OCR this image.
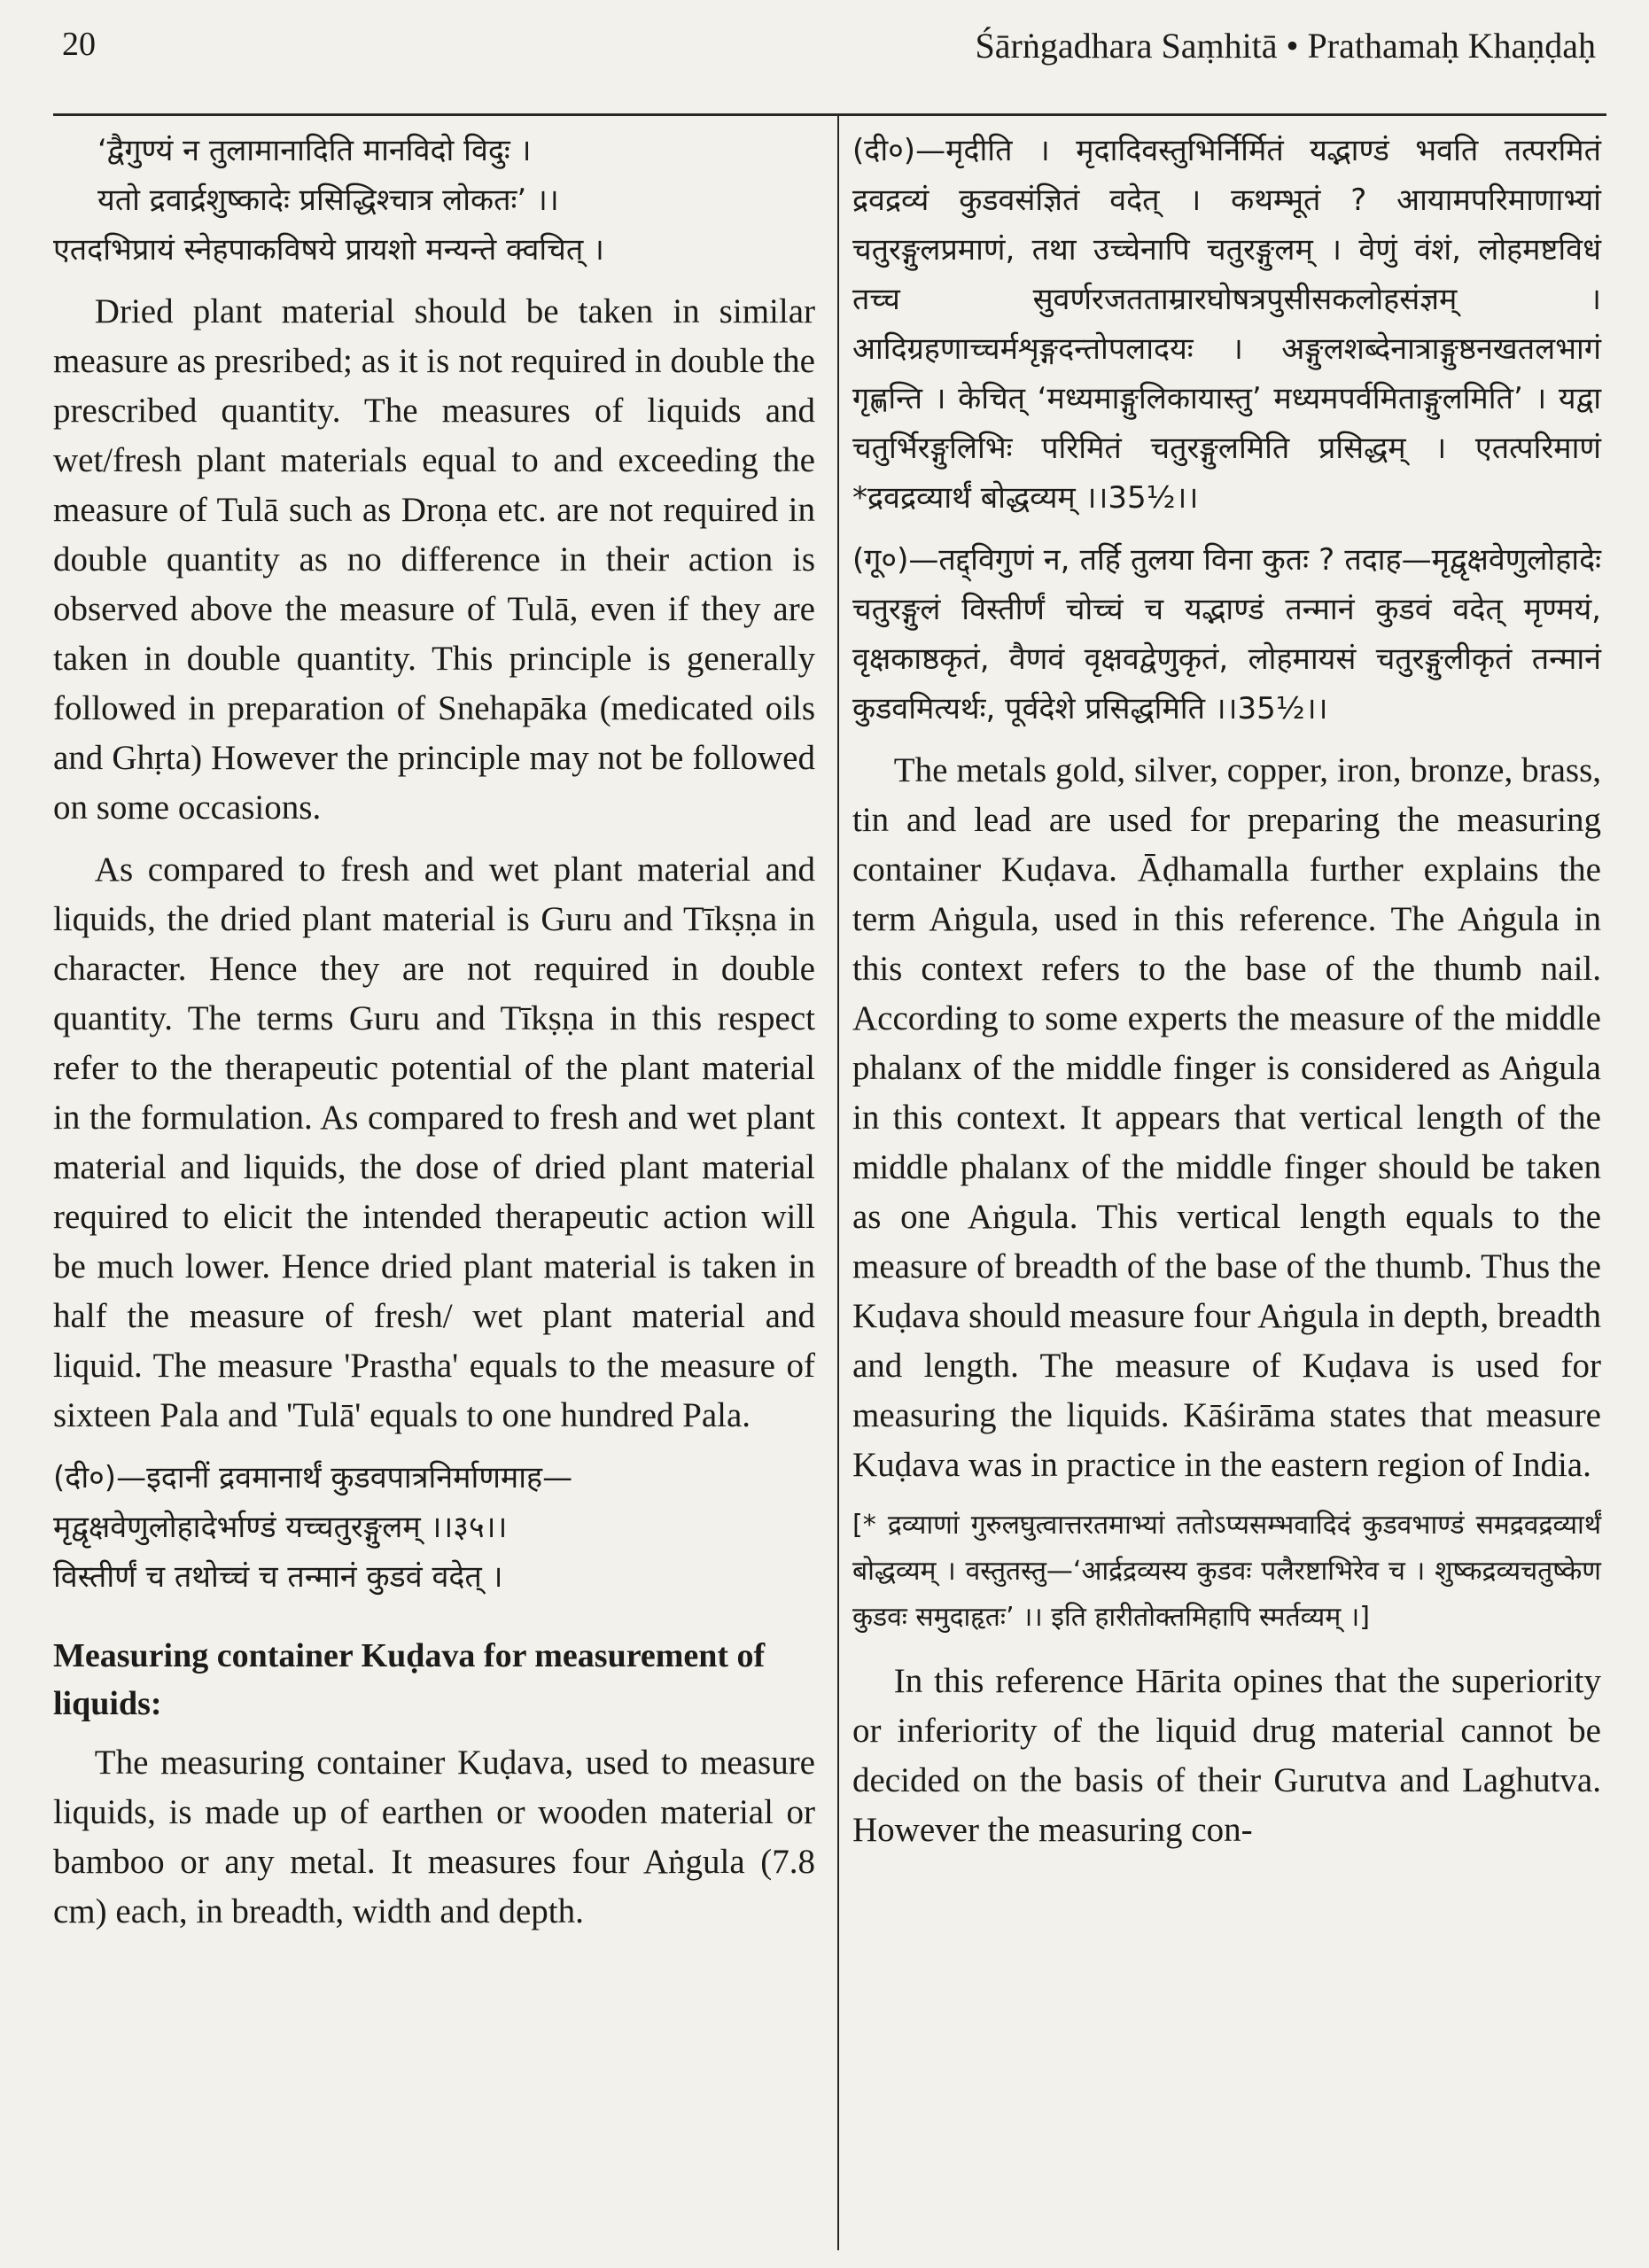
20	Śārṅgadhara Saṃhitā • Prathamaḥ Khaṇḍaḥ

‘द्वैगुण्यं न तुलामानादिति मानविदो विदुः ।

यतो द्रवार्द्रशुष्कादेः प्रसिद्धिश्चात्र लोकतः’ ।।

एतदभिप्रायं स्नेहपाकविषये प्रायशो मन्यन्ते क्वचित् ।

Dried plant material should be taken in similar measure as presribed; as it is not required in double the prescribed quantity. The measures of liquids and wet/fresh plant materials equal to and exceeding the measure of Tulā such as Droṇa etc. are not required in double quantity as no difference in their action is observed above the measure of Tulā, even if they are taken in double quantity. This principle is generally followed in preparation of Snehapāka (medicated oils and Ghṛta) However the principle may not be followed on some occasions.

As compared to fresh and wet plant material and liquids, the dried plant material is Guru and Tīkṣṇa in character. Hence they are not required in double quantity. The terms Guru and Tīkṣṇa in this respect refer to the therapeutic potential of the plant material in the formulation. As compared to fresh and wet plant material and liquids, the dose of dried plant material required to elicit the intended therapeutic action will be much lower. Hence dried plant material is taken in half the measure of fresh/ wet plant material and liquid. The measure 'Prastha' equals to the measure of sixteen Pala and 'Tulā' equals to one hundred Pala.

(दी०)—इदानीं द्रवमानार्थं कुडवपात्रनिर्माणमाह—

मृद्वृक्षवेणुलोहादेर्भाण्डं यच्चतुरङ्गुलम् ।।३५।।

विस्तीर्णं च तथोच्चं च तन्मानं कुडवं वदेत् ।

Measuring container Kuḍava for measurement of liquids:

The measuring container Kuḍava, used to measure liquids, is made up of earthen or wooden material or bamboo or any metal. It measures four Aṅgula (7.8 cm) each, in breadth, width and depth.

(दी०)—मृदीति । मृदादिवस्तुभिर्निर्मितं यद्भाण्डं भवति तत्परमितं द्रवद्रव्यं कुडवसंज्ञितं वदेत् । कथम्भूतं ? आयामपरिमाणाभ्यां चतुरङ्गुलप्रमाणं, तथा उच्चेनापि चतुरङ्गुलम् । वेणुं वंशं, लोहमष्टविधं तच्च सुवर्णरजतताम्रारघोषत्रपुसीसकलोहसंज्ञम् । आदिग्रहणाच्चर्मशृङ्गदन्तोपलादयः । अङ्गुलशब्देनात्राङ्गुष्ठनखतलभागं गृह्णन्ति । केचित् ‘मध्यमाङ्गुलिकायास्तु’ मध्यमपर्वमिताङ्गुलमिति’ । यद्वा चतुर्भिरङ्गुलिभिः परिमितं चतुरङ्गुलमिति प्रसिद्धम् । एतत्परिमाणं *द्रवद्रव्यार्थं बोद्धव्यम् ।।35½।।

(गू०)—तद्द्विगुणं न, तर्हि तुलया विना कुतः ? तदाह—मृद्वृक्षवेणुलोहादेः चतुरङ्गुलं विस्तीर्णं चोच्चं च यद्भाण्डं तन्मानं कुडवं वदेत् मृण्मयं, वृक्षकाष्ठकृतं, वैणवं वृक्षवद्वेणुकृतं, लोहमायसं चतुरङ्गुलीकृतं तन्मानं कुडवमित्यर्थः, पूर्वदेशे प्रसिद्धमिति ।।35½।।

The metals gold, silver, copper, iron, bronze, brass, tin and lead are used for preparing the measuring container Kuḍava. Āḍhamalla further explains the term Aṅgula, used in this reference. The Aṅgula in this context refers to the base of the thumb nail. According to some experts the measure of the middle phalanx of the middle finger is considered as Aṅgula in this context. It appears that vertical length of the middle phalanx of the middle finger should be taken as one Aṅgula. This vertical length equals to the measure of breadth of the base of the thumb. Thus the Kuḍava should measure four Aṅgula in depth, breadth and length. The measure of Kuḍava is used for measuring the liquids. Kāśirāma states that measure Kuḍava was in practice in the eastern region of India.

[* द्रव्याणां गुरुलघुत्वात्तरतमाभ्यां ततोऽप्यसम्भवादिदं कुडवभाण्डं समद्रवद्रव्यार्थं बोद्धव्यम् । वस्तुतस्तु—‘आर्द्रद्रव्यस्य कुडवः पलैरष्टाभिरेव च । शुष्कद्रव्यचतुष्केण कुडवः समुदाहृतः’ ।। इति हारीतोक्तमिहापि स्मर्तव्यम् ।]

In this reference Hārita opines that the superiority or inferiority of the liquid drug material cannot be decided on the basis of their Gurutva and Laghutva. However the measuring con-
